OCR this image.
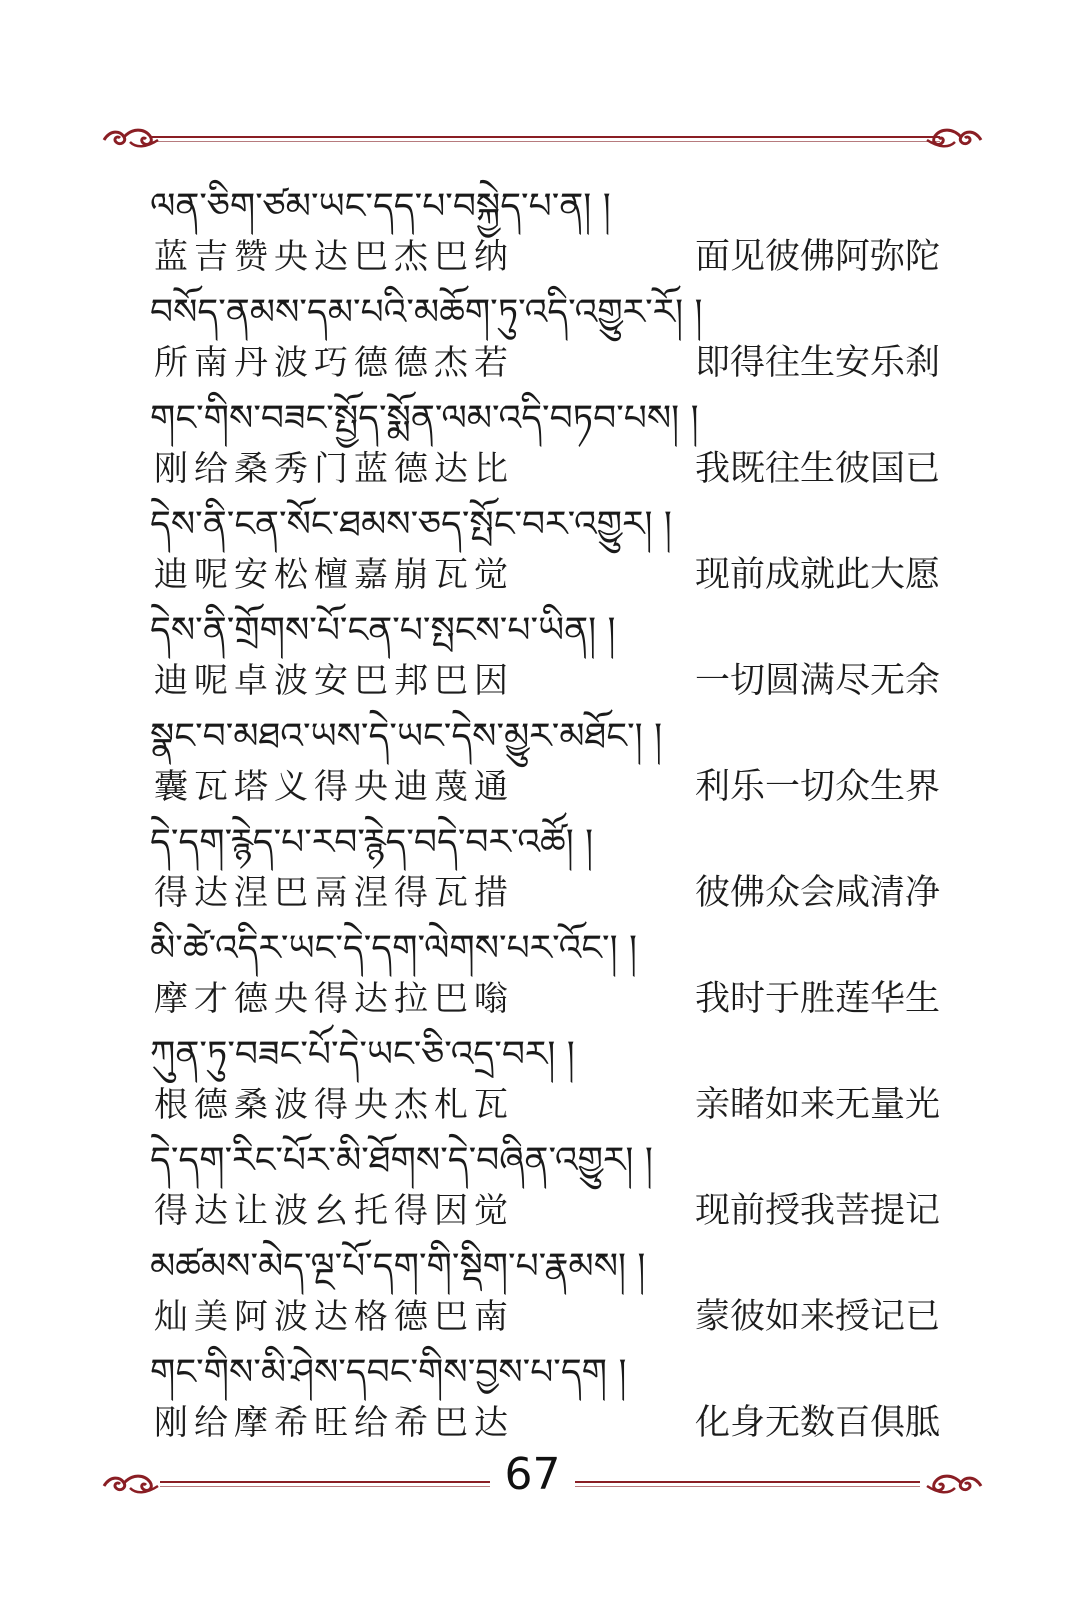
ལན་ཅིག་ཙམ་ཡང་དད་པ་བསྐྱེད་པ་ན། །
蓝吉赞央达巴杰巴纳	面见彼佛阿弥陀
བསོད་ནམས་དམ་པའི་མཆོག་ཏུ་འདི་འགྱུར་རོ། །
所南丹波巧德德杰若	即得往生安乐刹
གང་གིས་བཟང་སྤྱོད་སྨོན་ལམ་འདི་བཏབ་པས། །
刚给桑秀门蓝德达比	我既往生彼国已
དེས་ནི་ངན་སོང་ཐམས་ཅད་སྤོང་བར་འགྱུར། །
迪呢安松檀嘉崩瓦觉	现前成就此大愿
དེས་ནི་གྲོགས་པོ་ངན་པ་སྤངས་པ་ཡིན། །
迪呢卓波安巴邦巴因	一切圆满尽无余
སྣང་བ་མཐའ་ཡས་དེ་ཡང་དེས་མྱུར་མཐོང་། །
囊瓦塔义得央迪蔑通	利乐一切众生界
དེ་དག་རྙེད་པ་རབ་རྙེད་བདེ་བར་འཚོ། །
得达涅巴鬲涅得瓦措	彼佛众会咸清净
མི་ཚེ་འདིར་ཡང་དེ་དག་ལེགས་པར་འོང་། །
摩才德央得达拉巴嗡	我时于胜莲华生
ཀུན་ཏུ་བཟང་པོ་དེ་ཡང་ཅི་འདྲ་བར། །
根德桑波得央杰札瓦	亲睹如来无量光
དེ་དག་རིང་པོར་མི་ཐོགས་དེ་བཞིན་འགྱུར། །
得达让波幺托得因觉	现前授我菩提记
མཚམས་མེད་ལྔ་པོ་དག་གི་སྡིག་པ་རྣམས། །
灿美阿波达格德巴南	蒙彼如来授记已
གང་གིས་མི་ཤེས་དབང་གིས་བྱས་པ་དག །
刚给摩希旺给希巴达	化身无数百俱胝
67
